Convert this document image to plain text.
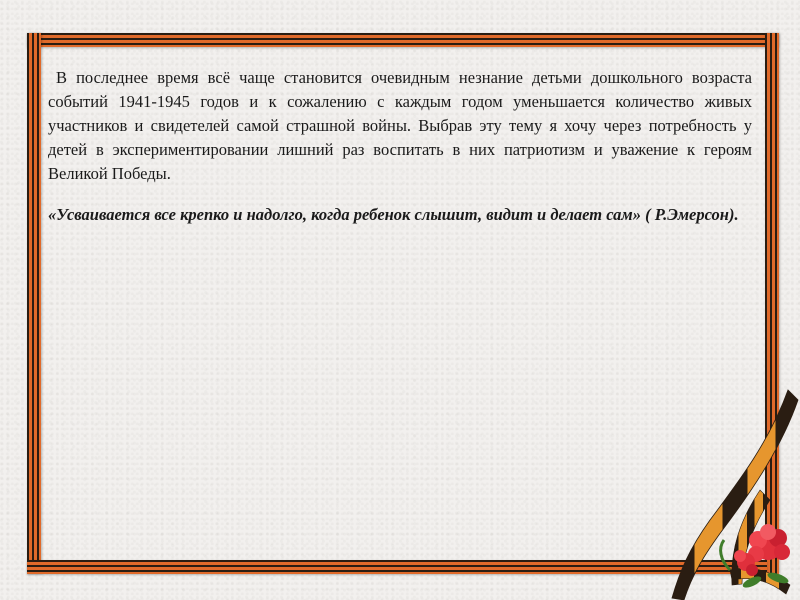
В последнее время всё чаще становится очевидным незнание детьми дошкольного возраста событий 1941-1945 годов и к сожалению с каждым годом уменьшается количество живых участников и свидетелей самой страшной войны. Выбрав эту тему я хочу через потребность у детей в экспериментировании лишний раз воспитать в них патриотизм и уважение к героям Великой Победы.

«Усваивается все крепко и надолго, когда ребенок слышит, видит и делает сам» ( Р.Эмерсон).
